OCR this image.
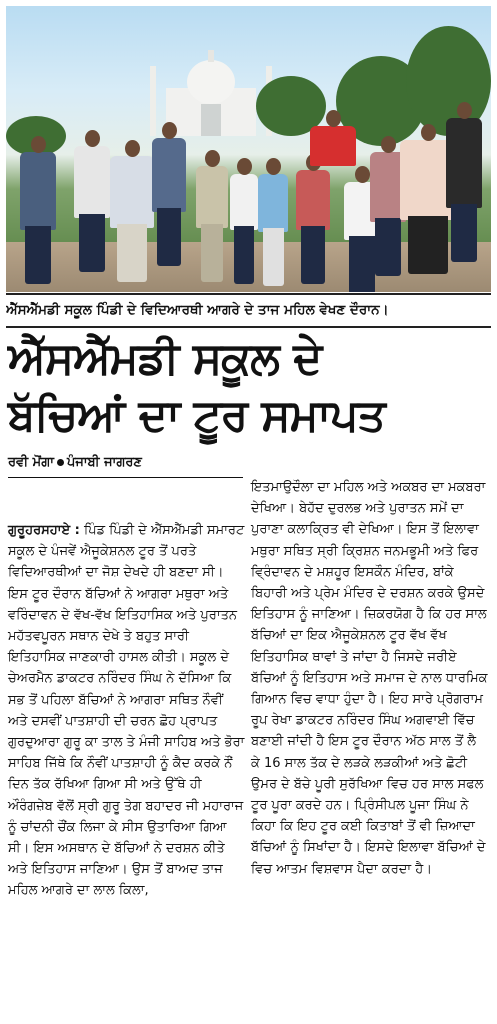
ਐੱਸਐੱਮਡੀ ਸਕੂਲ ਪਿੰਡੀ ਦੇ ਵਿਦਿਆਰਥੀ ਆਗਰੇ ਦੇ ਤਾਜ ਮਹਿਲ ਵੇਖਣ ਦੌਰਾਨ।
ਐੱਸਐੱਮਡੀ ਸਕੂਲ ਦੇ
ਬੱਚਿਆਂ ਦਾ ਟੂਰ ਸਮਾਪਤ
ਰਵੀ ਮੋਂਗਾ ਪੰਜਾਬੀ ਜਾਗਰਣ

ਗੁਰੂਹਰਸਹਾਏ : ਪਿੰਡ ਪਿੰਡੀ ਦੇ ਐੱਸਐੱਮਡੀ ਸਮਾਰਟ ਸਕੂਲ ਦੇ ਪੰਜਵੇਂ ਐਜੂਕੇਸ਼ਨਲ ਟੂਰ ਤੋਂ ਪਰਤੇ ਵਿਦਿਆਰਥੀਆਂ ਦਾ ਜੋਸ਼ ਦੇਖਦੇ ਹੀ ਬਣਦਾ ਸੀ। ਇਸ ਟੂਰ ਦੌਰਾਨ ਬੱਚਿਆਂ ਨੇ ਆਗਰਾ ਮਥੁਰਾ ਅਤੇ ਵਰਿੰਦਾਵਨ ਦੇ ਵੱਖ-ਵੱਖ ਇਤਿਹਾਸਿਕ ਅਤੇ ਪੁਰਾਤਨ ਮਹੱਤਵਪੂਰਨ ਸਥਾਨ ਦੇਖੇ ਤੇ ਬਹੁਤ ਸਾਰੀ ਇਤਿਹਾਸਿਕ ਜਾਣਕਾਰੀ ਹਾਸਲ ਕੀਤੀ। ਸਕੂਲ ਦੇ ਚੇਅਰਮੈਨ ਡਾਕਟਰ ਨਰਿੰਦਰ ਸਿੰਘ ਨੇ ਦੱਸਿਆ ਕਿ ਸਭ ਤੋਂ ਪਹਿਲਾ ਬੱਚਿਆਂ ਨੇ ਆਗਰਾ ਸਥਿਤ ਨੌਵੀਂ ਅਤੇ ਦਸਵੀਂ ਪਾਤਸ਼ਾਹੀ ਦੀ ਚਰਨ ਛੋਹ ਪ੍ਰਾਪਤ ਗੁਰਦੁਆਰਾ ਗੁਰੂ ਕਾ ਤਾਲ ਤੇ ਮੰਜੀ ਸਾਹਿਬ ਅਤੇ ਭੋਰਾ ਸਾਹਿਬ ਜਿੱਥੇ ਕਿ ਨੌਵੀਂ ਪਾਤਸ਼ਾਹੀ ਨੂੰ ਕੈਦ ਕਰਕੇ ਨੌਂ ਦਿਨ ਤੱਕ ਰੱਖਿਆ ਗਿਆ ਸੀ ਅਤੇ ਉੱਥੇ ਹੀ ਔਰੰਗਜ਼ੇਬ ਵੱਲੋਂ ਸ੍ਰੀ ਗੁਰੂ ਤੇਗ ਬਹਾਦਰ ਜੀ ਮਹਾਰਾਜ ਨੂੰ ਚਾਂਦਨੀ ਚੌਂਕ ਲਿਜਾ ਕੇ ਸੀਸ ਉਤਾਰਿਆ ਗਿਆ ਸੀ। ਇਸ ਅਸਥਾਨ ਦੇ ਬੱਚਿਆਂ ਨੇ ਦਰਸ਼ਨ ਕੀਤੇ ਅਤੇ ਇਤਿਹਾਸ ਜਾਣਿਆ। ਉਸ ਤੋਂ ਬਾਅਦ ਤਾਜ ਮਹਿਲ ਆਗਰੇ ਦਾ ਲਾਲ ਕਿਲਾ,

ਇਤਮਾਉਦੌਲਾ ਦਾ ਮਹਿਲ ਅਤੇ ਅਕਬਰ ਦਾ ਮਕਬਰਾ ਦੇਖਿਆ। ਬੇਹੱਦ ਦੁਰਲਭ ਅਤੇ ਪੁਰਾਤਨ ਸਮੇਂ ਦਾ ਪੁਰਾਣਾ ਕਲਾਕ੍ਰਿਤ ਵੀ ਦੇਖਿਆ। ਇਸ ਤੋਂ ਇਲਾਵਾ ਮਥੁਰਾ ਸਥਿਤ ਸ੍ਰੀ ਕ੍ਰਿਸ਼ਨ ਜਨਮਭੂਮੀ ਅਤੇ ਫਿਰ ਵ੍ਰਿੰਦਾਵਨ ਦੇ ਮਸ਼ਹੂਰ ਇਸਕੌਨ ਮੰਦਿਰ, ਬਾਂਕੇ ਬਿਹਾਰੀ ਅਤੇ ਪ੍ਰੇਮ ਮੰਦਿਰ ਦੇ ਦਰਸ਼ਨ ਕਰਕੇ ਉਸਦੇ ਇਤਿਹਾਸ ਨੂੰ ਜਾਣਿਆ। ਜ਼ਿਕਰਯੋਗ ਹੈ ਕਿ ਹਰ ਸਾਲ ਬੱਚਿਆਂ ਦਾ ਇਕ ਐਜੂਕੇਸ਼ਨਲ ਟੂਰ ਵੱਖ ਵੱਖ ਇਤਿਹਾਸਿਕ ਥਾਵਾਂ ਤੇ ਜਾਂਦਾ ਹੈ ਜਿਸਦੇ ਜਰੀਏ ਬੱਚਿਆਂ ਨੂੰ ਇਤਿਹਾਸ ਅਤੇ ਸਮਾਜ ਦੇ ਨਾਲ ਧਾਰਮਿਕ ਗਿਆਨ ਵਿਚ ਵਾਧਾ ਹੁੰਦਾ ਹੈ। ਇਹ ਸਾਰੇ ਪ੍ਰੋਗਰਾਮ ਰੂਪ ਰੇਖਾ ਡਾਕਟਰ ਨਰਿੰਦਰ ਸਿੰਘ ਅਗਵਾਈ ਵਿੱਚ ਬਣਾਈ ਜਾਂਦੀ ਹੈ ਇਸ ਟੂਰ ਦੌਰਾਨ ਅੱਠ ਸਾਲ ਤੋਂ ਲੈ ਕੇ 16 ਸਾਲ ਤੱਕ ਦੇ ਲੜਕੇ ਲੜਕੀਆਂ ਅਤੇ ਛੋਟੀ ਉਮਰ ਦੇ ਬੱਚੇ ਪੂਰੀ ਸੁਰੱਖਿਆ ਵਿਚ ਹਰ ਸਾਲ ਸਫਲ ਟੂਰ ਪੂਰਾ ਕਰਦੇ ਹਨ। ਪ੍ਰਿੰਸੀਪਲ ਪੂਜਾ ਸਿੰਘ ਨੇ ਕਿਹਾ ਕਿ ਇਹ ਟੂਰ ਕਈ ਕਿਤਾਬਾਂ ਤੋਂ ਵੀ ਜ਼ਿਆਦਾ ਬੱਚਿਆਂ ਨੂੰ ਸਿਖਾਂਦਾ ਹੈ। ਇਸਦੇ ਇਲਾਵਾ ਬੱਚਿਆਂ ਦੇ ਵਿਚ ਆਤਮ ਵਿਸ਼ਵਾਸ ਪੈਦਾ ਕਰਦਾ ਹੈ।
